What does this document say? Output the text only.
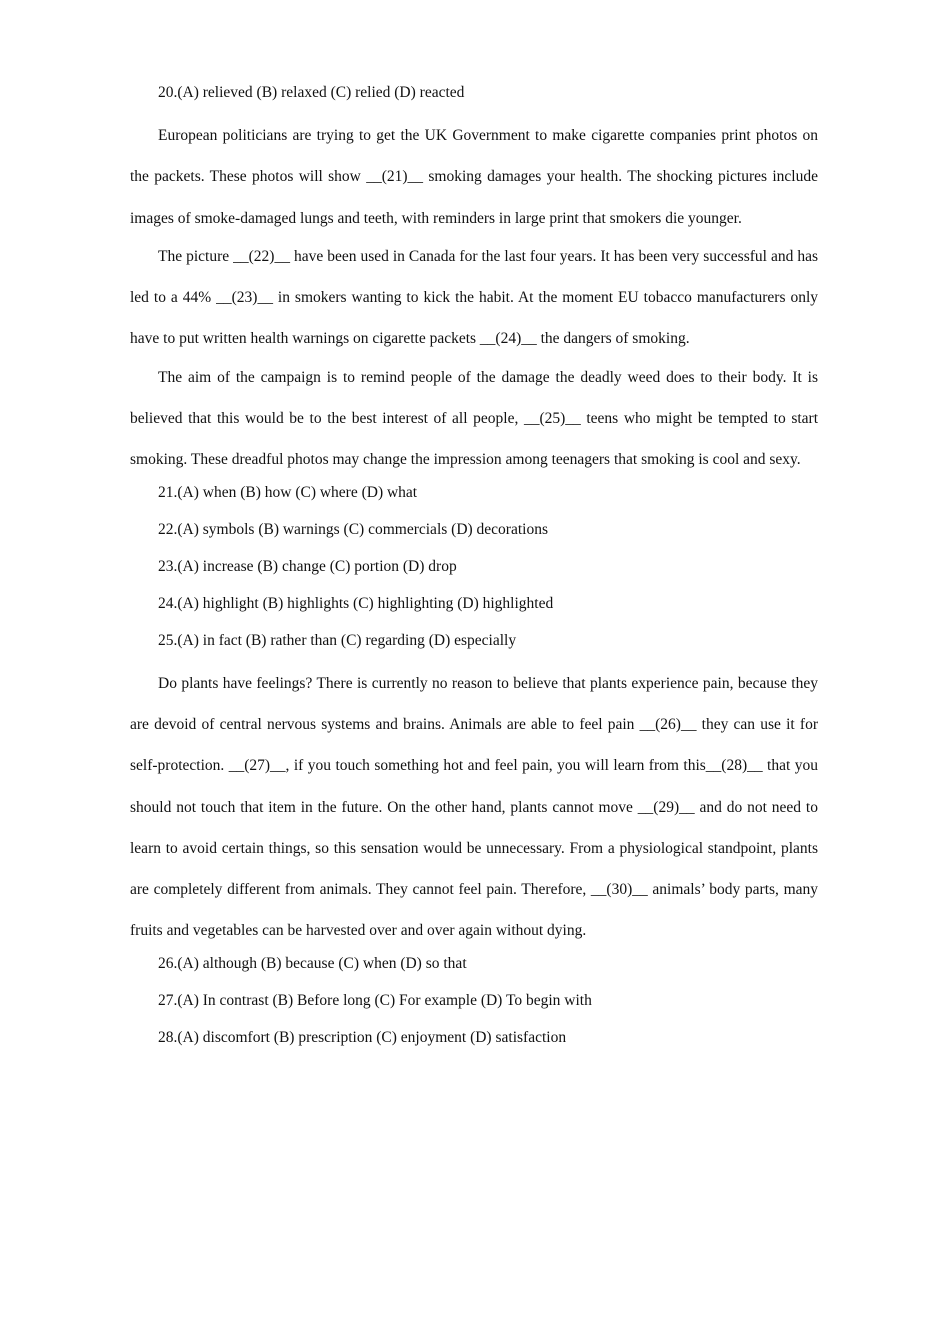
20.(A) relieved (B) relaxed (C) relied (D) reacted

European politicians are trying to get the UK Government to make cigarette companies print photos on the packets. These photos will show __(21)__ smoking damages your health. The shocking pictures include images of smoke-damaged lungs and teeth, with reminders in large print that smokers die younger.

The picture __(22)__ have been used in Canada for the last four years. It has been very successful and has led to a 44% __(23)__ in smokers wanting to kick the habit. At the moment EU tobacco manufacturers only have to put written health warnings on cigarette packets __(24)__ the dangers of smoking.

The aim of the campaign is to remind people of the damage the deadly weed does to their body. It is believed that this would be to the best interest of all people, __(25)__ teens who might be tempted to start smoking. These dreadful photos may change the impression among teenagers that smoking is cool and sexy.

21.(A) when (B) how (C) where (D) what

22.(A) symbols (B) warnings (C) commercials (D) decorations

23.(A) increase (B) change (C) portion (D) drop

24.(A) highlight (B) highlights (C) highlighting (D) highlighted

25.(A) in fact (B) rather than (C) regarding (D) especially

Do plants have feelings? There is currently no reason to believe that plants experience pain, because they are devoid of central nervous systems and brains. Animals are able to feel pain __(26)__ they can use it for self-protection. __(27)__, if you touch something hot and feel pain, you will learn from this__(28)__ that you should not touch that item in the future. On the other hand, plants cannot move __(29)__ and do not need to learn to avoid certain things, so this sensation would be unnecessary. From a physiological standpoint, plants are completely different from animals. They cannot feel pain. Therefore, __(30)__ animals’ body parts, many fruits and vegetables can be harvested over and over again without dying.

26.(A) although (B) because (C) when (D) so that

27.(A) In contrast (B) Before long (C) For example (D) To begin with

28.(A) discomfort (B) prescription (C) enjoyment (D) satisfaction
